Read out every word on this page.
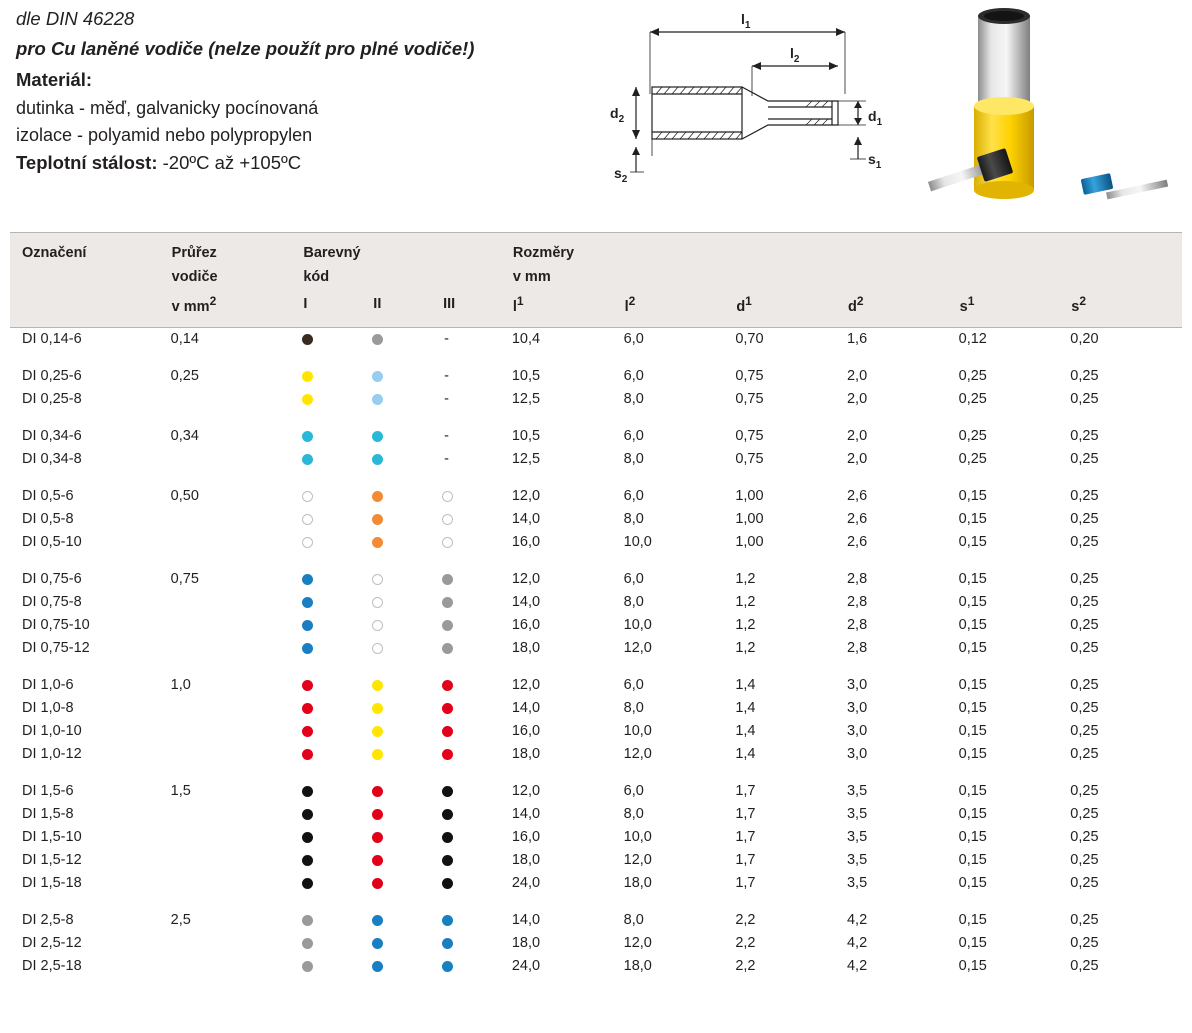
dle DIN 46228
pro Cu laněné vodiče (nelze použít pro plné vodiče!)
Materiál:
dutinka - měď, galvanicky pocínovaná
izolace - polyamid nebo polypropylen
Teplotní stálost: -20ºC až +105ºC
$l_1$
$l_2$
$d_2$	$d_1$
$s_2$
$s_1$
Označení	Průřez	Barevný			Rozměry					

	vodiče	kód			v mm					

	v $mm^2$	I	II	III	$l^1$	$l^2$	$d^1$	$d^2$	$s^1$	$s^2$

DI 0,14-6	0,14			-	10,4	6,0	0,70	1,6	0,12	0,20

DI 0,25-6	0,25			-	10,5	6,0	0,75	2,0	0,25	0,25
DI 0,25-8				-	12,5	8,0	0,75	2,0	0,25	0,25

DI 0,34-6	0,34			-	10,5	6,0	0,75	2,0	0,25	0,25
DI 0,34-8				-	12,5	8,0	0,75	2,0	0,25	0,25

DI 0,5-6	0,50				12,0	6,0	1,00	2,6	0,15	0,25
DI 0,5-8					14,0	8,0	1,00	2,6	0,15	0,25
DI 0,5-10					16,0	10,0	1,00	2,6	0,15	0,25

DI 0,75-6	0,75				12,0	6,0	1,2	2,8	0,15	0,25
DI 0,75-8					14,0	8,0	1,2	2,8	0,15	0,25
DI 0,75-10					16,0	10,0	1,2	2,8	0,15	0,25
DI 0,75-12					18,0	12,0	1,2	2,8	0,15	0,25

DI 1,0-6	1,0				12,0	6,0	1,4	3,0	0,15	0,25
DI 1,0-8					14,0	8,0	1,4	3,0	0,15	0,25
DI 1,0-10					16,0	10,0	1,4	3,0	0,15	0,25
DI 1,0-12					18,0	12,0	1,4	3,0	0,15	0,25

DI 1,5-6	1,5				12,0	6,0	1,7	3,5	0,15	0,25
DI 1,5-8					14,0	8,0	1,7	3,5	0,15	0,25
DI 1,5-10					16,0	10,0	1,7	3,5	0,15	0,25
DI 1,5-12					18,0	12,0	1,7	3,5	0,15	0,25
DI 1,5-18					24,0	18,0	1,7	3,5	0,15	0,25

DI 2,5-8	2,5				14,0	8,0	2,2	4,2	0,15	0,25
DI 2,5-12					18,0	12,0	2,2	4,2	0,15	0,25
DI 2,5-18					24,0	18,0	2,2	4,2	0,15	0,25
